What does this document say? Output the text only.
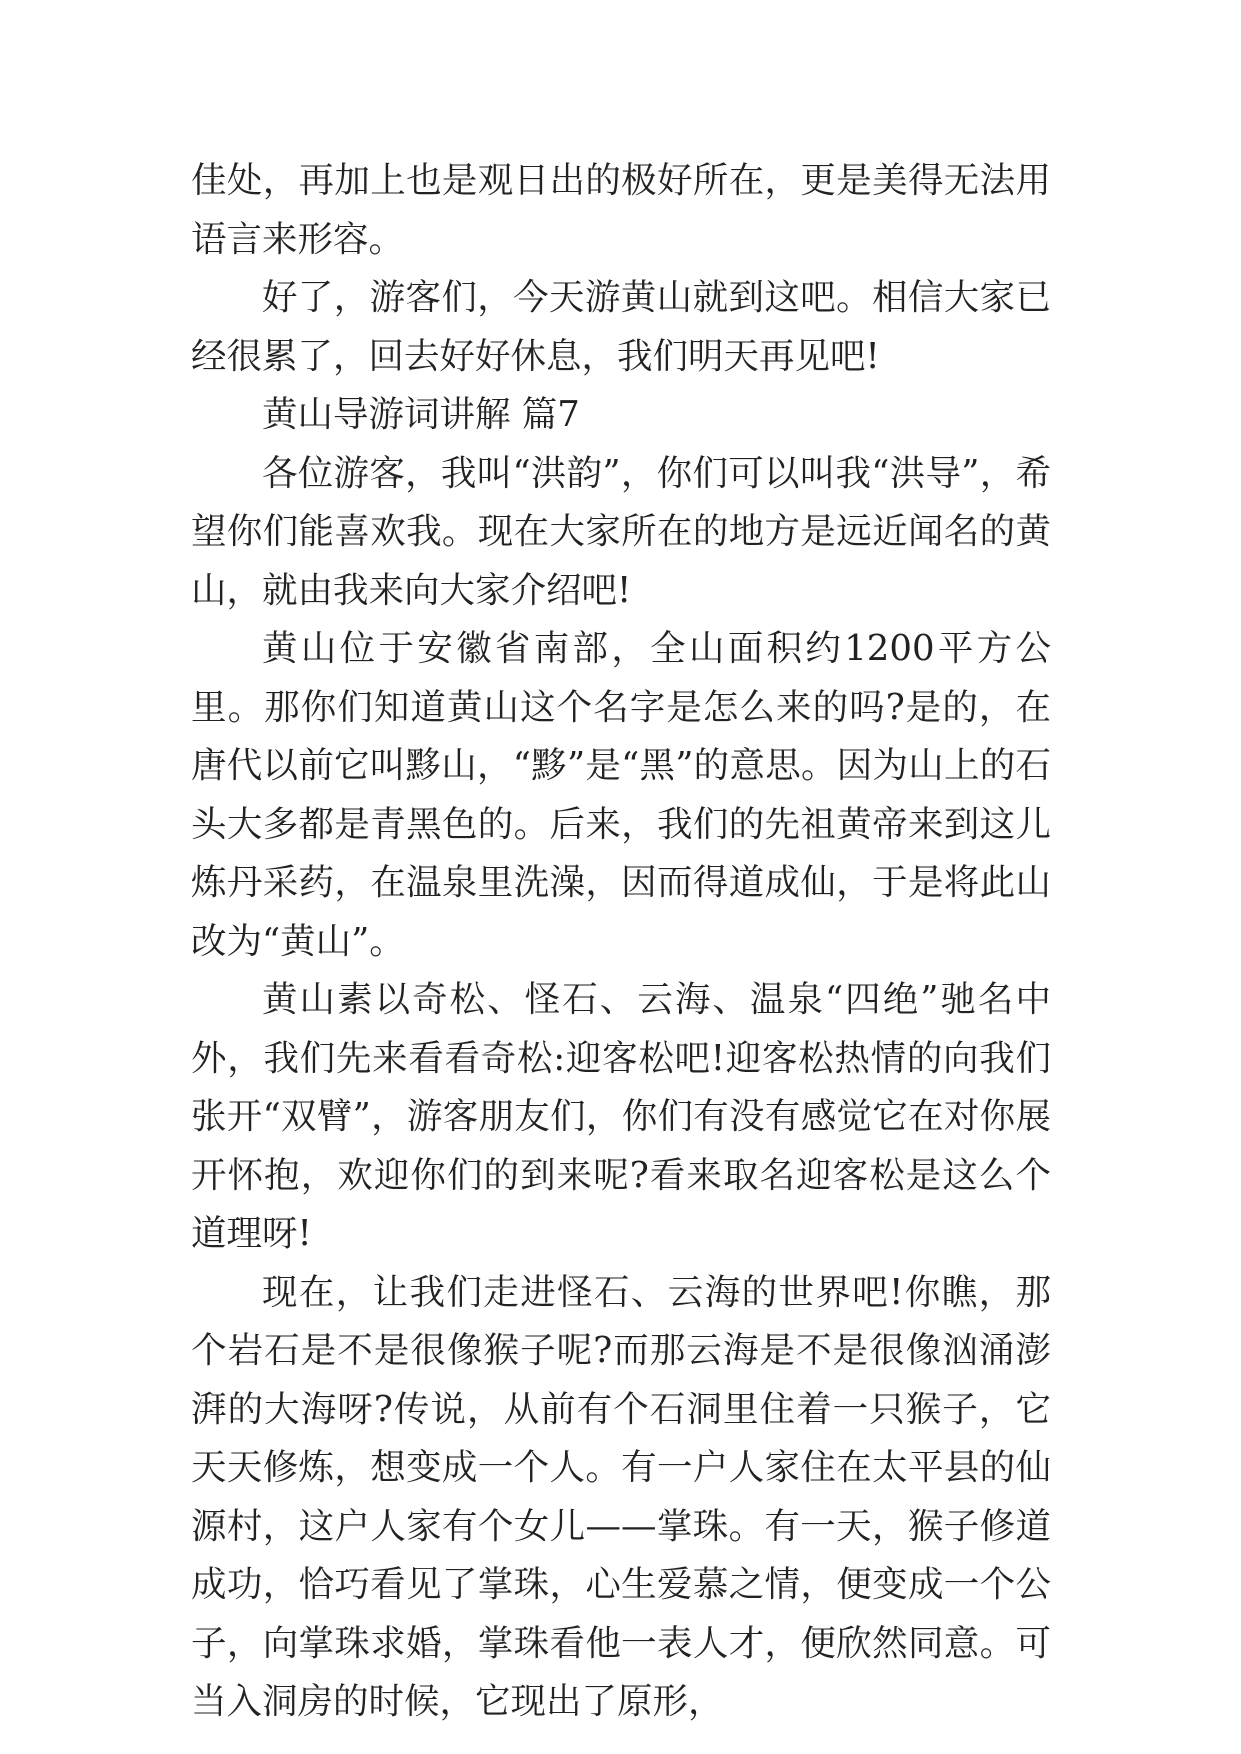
佳处，再加上也是观日出的极好所在，更是美得无法用语言来形容。

好了，游客们，今天游黄山就到这吧。相信大家已经很累了，回去好好休息，我们明天再见吧!

黄山导游词讲解 篇7

各位游客，我叫“洪韵”，你们可以叫我“洪导”，希望你们能喜欢我。现在大家所在的地方是远近闻名的黄山，就由我来向大家介绍吧!

黄山位于安徽省南部，全山面积约1200平方公里。那你们知道黄山这个名字是怎么来的吗?是的，在唐代以前它叫黟山，“黟”是“黑”的意思。因为山上的石头大多都是青黑色的。后来，我们的先祖黄帝来到这儿炼丹采药，在温泉里洗澡，因而得道成仙，于是将此山改为“黄山”。

黄山素以奇松、怪石、云海、温泉“四绝”驰名中外，我们先来看看奇松:迎客松吧!迎客松热情的向我们张开“双臂”，游客朋友们，你们有没有感觉它在对你展开怀抱，欢迎你们的到来呢?看来取名迎客松是这么个道理呀!

现在，让我们走进怪石、云海的世界吧!你瞧，那个岩石是不是很像猴子呢?而那云海是不是很像汹涌澎湃的大海呀?传说，从前有个石洞里住着一只猴子，它天天修炼，想变成一个人。有一户人家住在太平县的仙源村，这户人家有个女儿——掌珠。有一天，猴子修道成功，恰巧看见了掌珠，心生爱慕之情，便变成一个公子，向掌珠求婚，掌珠看他一表人才，便欣然同意。可当入洞房的时候，它现出了原形，
